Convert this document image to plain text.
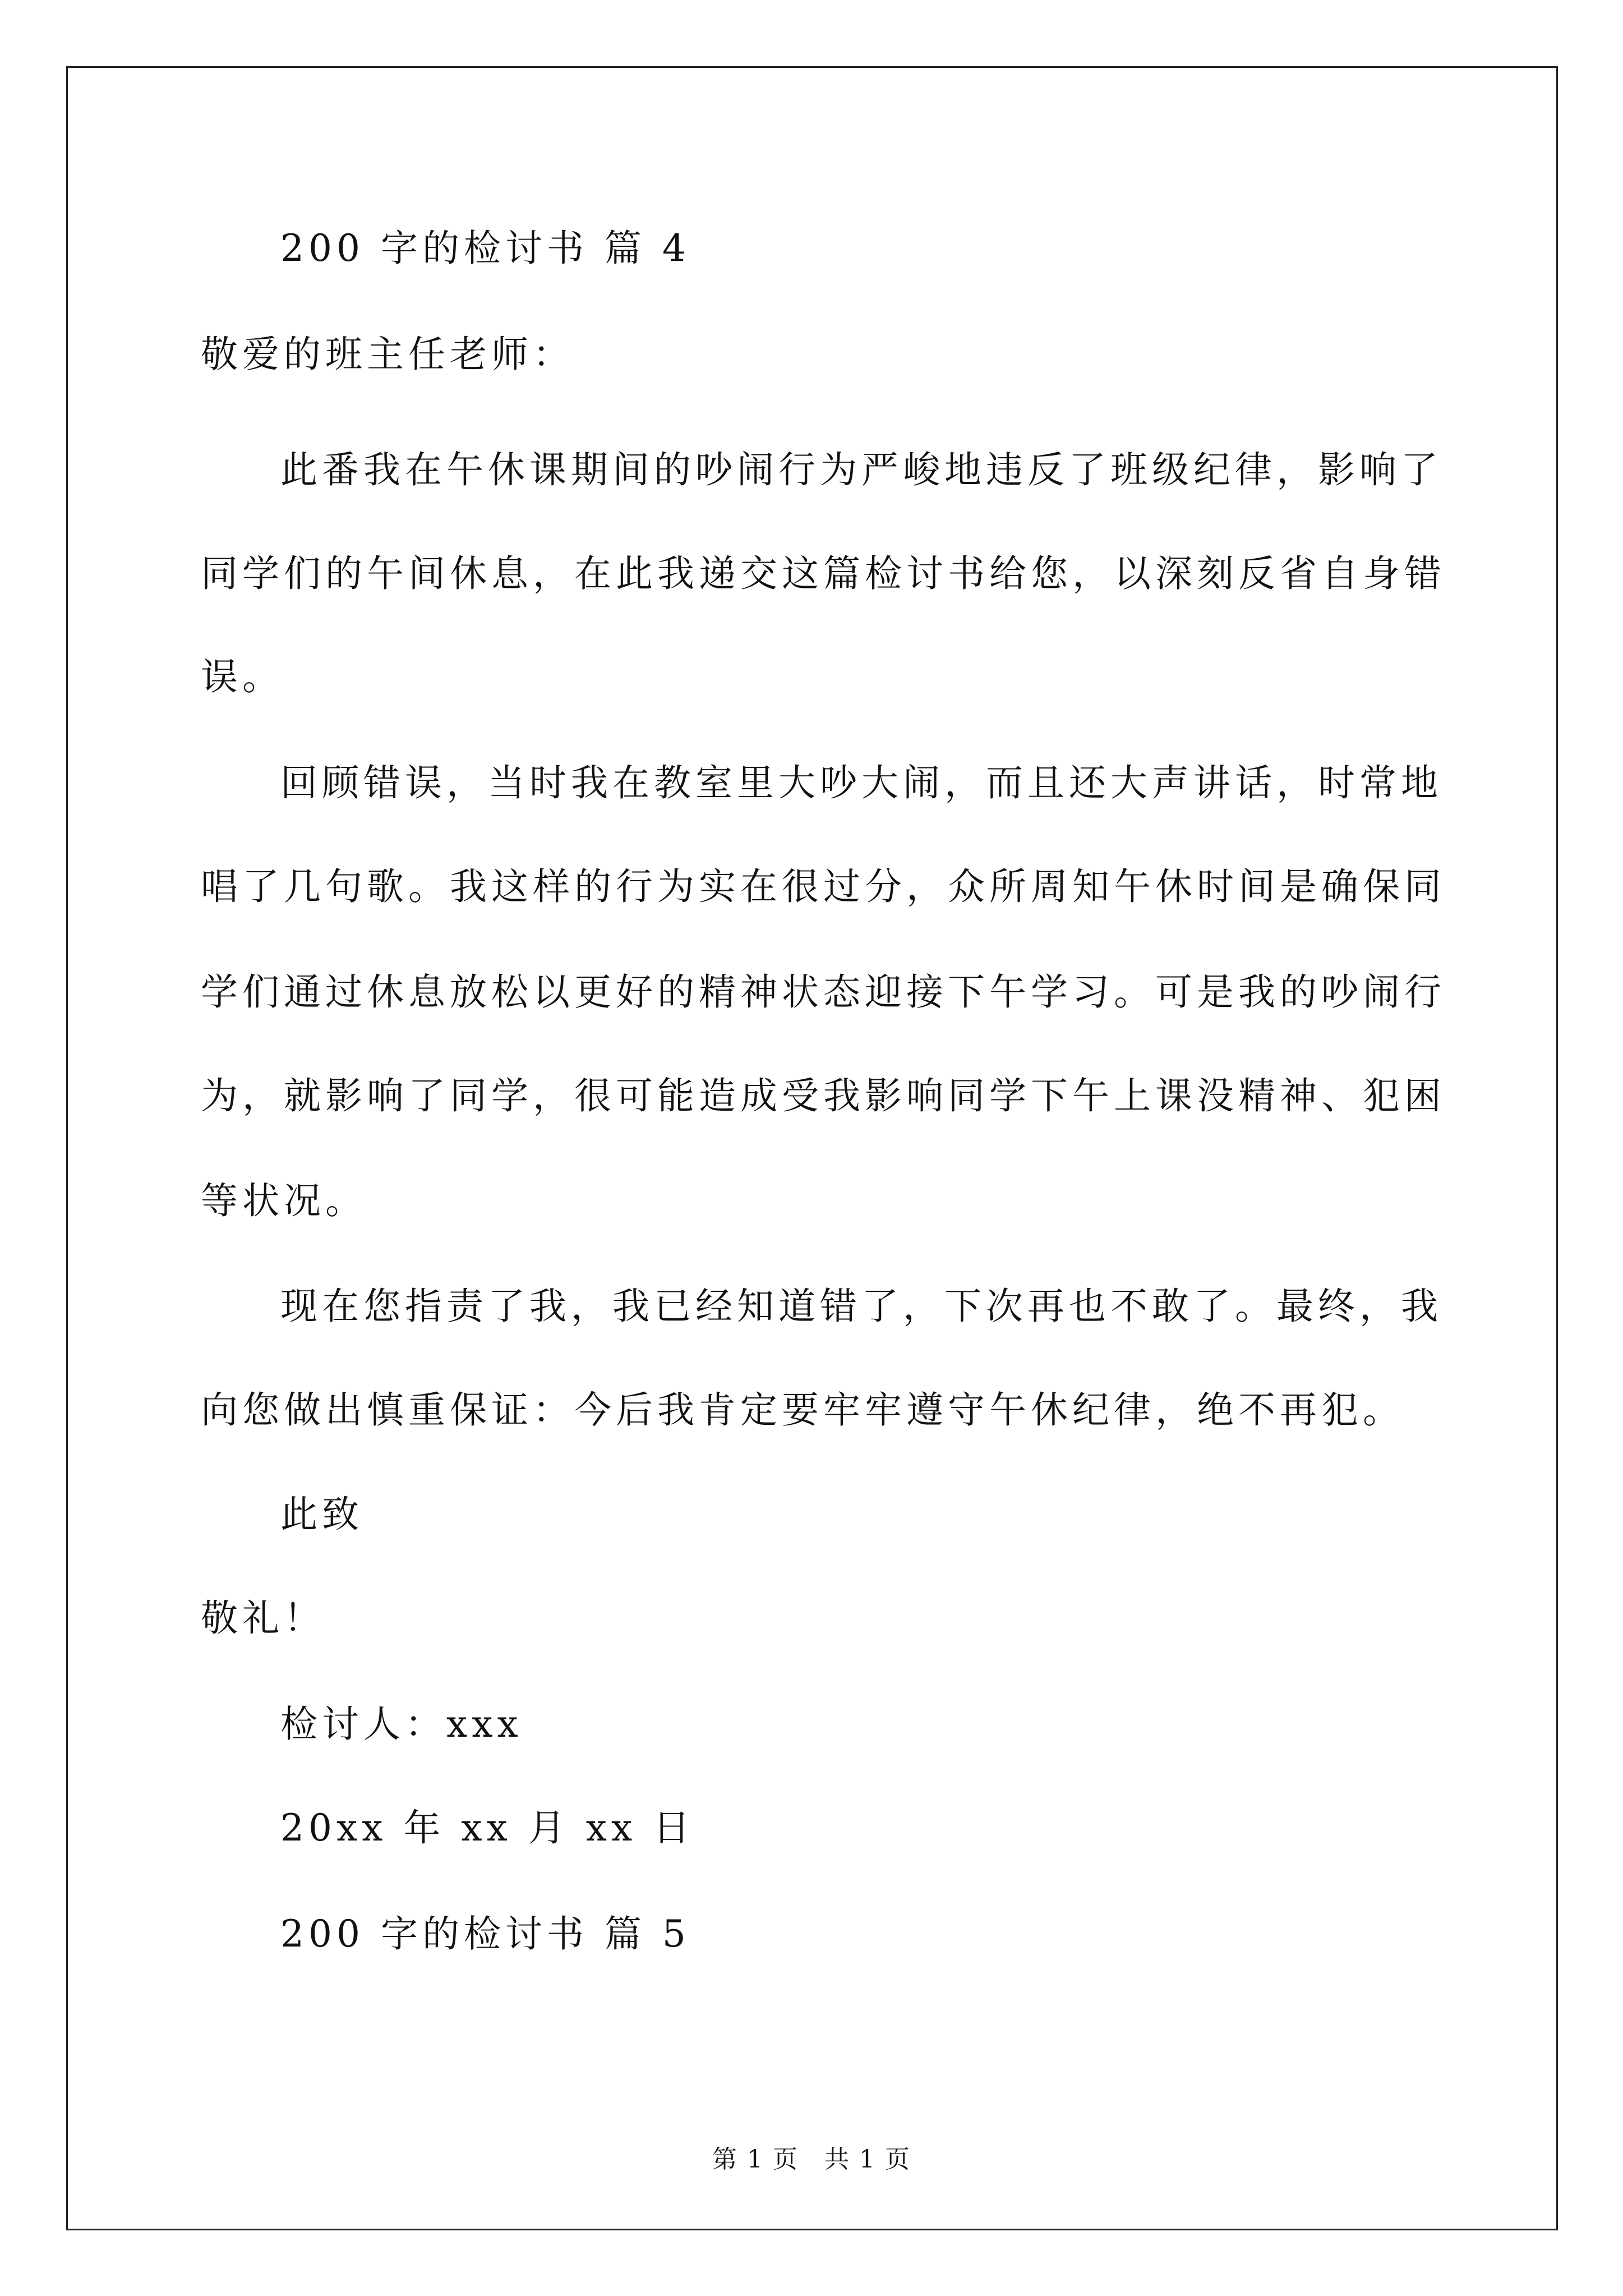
200 字的检讨书 篇 4

敬爱的班主任老师：

此番我在午休课期间的吵闹行为严峻地违反了班级纪律，影响了

同学们的午间休息，在此我递交这篇检讨书给您，以深刻反省自身错

误。

回顾错误，当时我在教室里大吵大闹，而且还大声讲话，时常地

唱了几句歌。我这样的行为实在很过分，众所周知午休时间是确保同

学们通过休息放松以更好的精神状态迎接下午学习。可是我的吵闹行

为，就影响了同学，很可能造成受我影响同学下午上课没精神、犯困

等状况。

现在您指责了我，我已经知道错了，下次再也不敢了。最终，我

向您做出慎重保证：今后我肯定要牢牢遵守午休纪律，绝不再犯。

此致

敬礼！

检讨人：xxx

20xx 年 xx 月 xx 日

200 字的检讨书 篇 5

第 1 页　共 1 页
